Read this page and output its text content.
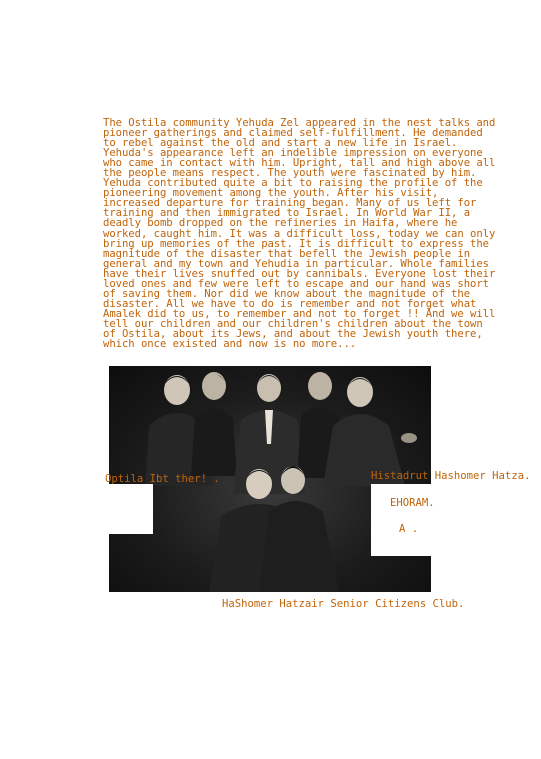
The Ostila community Yehuda Zel appeared in the nest talks and
pioneer gatherings and claimed self-fulfillment. He demanded
to rebel against the old and start a new life in Israel.
Yehuda's appearance left an indelible impression on everyone
who came in contact with him. Upright, tall and high above all
the people means respect. The youth were fascinated by him.
Yehuda contributed quite a bit to raising the profile of the
pioneering movement among the youth. After his visit,
increased departure for training began. Many of us left for
training and then immigrated to Israel. In World War II, a
deadly bomb dropped on the refineries in Haifa, where he
worked, caught him. It was a difficult loss, today we can only
bring up memories of the past. It is difficult to express the
magnitude of the disaster that befell the Jewish people in
general and my town and Yehudia in particular. Whole families
have their lives snuffed out by cannibals. Everyone lost their
loved ones and few were left to escape and our hand was short
of saving them. Nor did we know about the magnitude of the
disaster. All we have to do is remember and not forget what
Amalek did to us, to remember and not to forget !! And we will
tell our children and our children's children about the town
of Ostila, about its Jews, and about the Jewish youth there,
which once existed and now is no more...

Optila Ibt ther! .	Histadrut Hashomer Hatza.
EHORAM.
A .
HaShomer Hatzair Senior Citizens Club.
